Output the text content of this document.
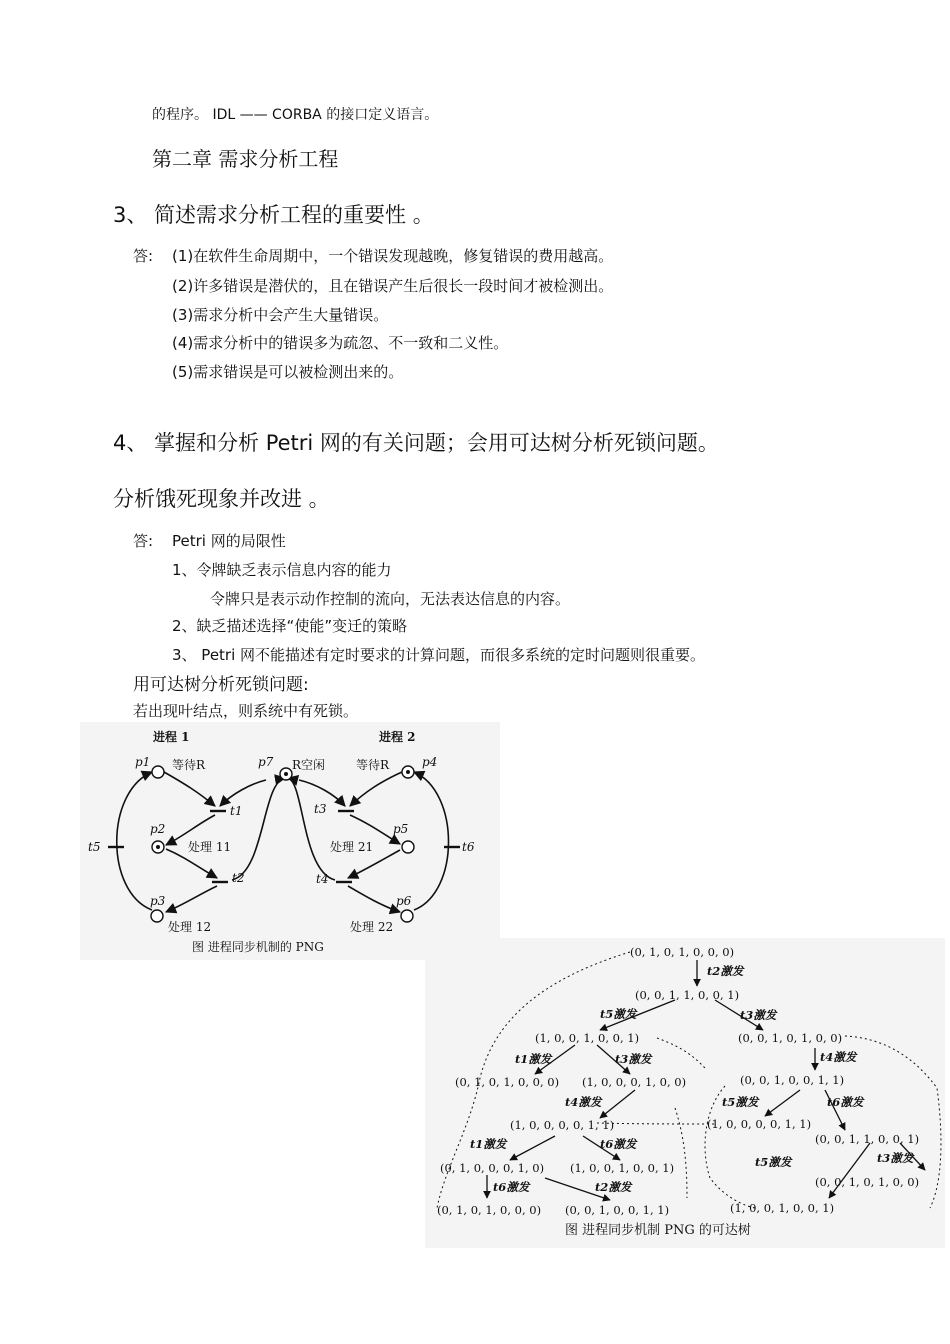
的程序。 IDL —— CORBA 的接口定义语言。
第二章 需求分析工程
3、 简述需求分析工程的重要性 。
答: (1)在软件生命周期中，一个错误发现越晚，修复错误的费用越高。
(2)许多错误是潜伏的，且在错误产生后很长一段时间才被检测出。
(3)需求分析中会产生大量错误。
(4)需求分析中的错误多为疏忽、不一致和二义性。
(5)需求错误是可以被检测出来的。
4、 掌握和分析 Petri 网的有关问题；会用可达树分析死锁问题。
分析饿死现象并改进 。
答: Petri 网的局限性
1、令牌缺乏表示信息内容的能力
令牌只是表示动作控制的流向，无法表达信息的内容。
2、缺乏描述选择“使能”变迁的策略
3、 Petri 网不能描述有定时要求的计算问题，而很多系统的定时问题则很重要。
用可达树分析死锁问题:
若出现叶结点，则系统中有死锁。
进程 1	进程 2
p1 等待R	p7 R空闲	等待R	p4
t1	t3
p2	p5
t5	处理 11	处理 21	t6
t2	t4
p3	p6
处理 12	处理 22
图 进程同步机制的 PNG	(0, 1, 0, 1, 0, 0, 0)
t2激发
(0, 0, 1, 1, 0, 0, 1)
t5激发	t3激发
(1, 0, 0, 1, 0, 0, 1)	(0, 0, 1, 0, 1, 0, 0)
t1激发	t3激发	t4激发
(0, 1, 0, 1, 0, 0, 0) (1, 0, 0, 0, 1, 0, 0)	(0, 0, 1, 0, 0, 1, 1)
t4激发	t5激发	t6激发
(1, 0, 0, 0, 0, 1, 1)	(1, 0, 0, 0, 0, 1, 1)
(0, 0, 1, 1, 0, 0, 1)
t1激发	t6激发
t5激发	t3激发
(0, 1, 0, 0, 0, 1, 0) (1, 0, 0, 1, 0, 0, 1)
(0, 0, 1, 0, 1, 0, 0)
t6激发	t2激发
(0, 1, 0, 1, 0, 0, 0) (0, 0, 1, 0, 0, 1, 1)	(1, 0, 0, 1, 0, 0, 1)
图 进程同步机制 PNG 的可达树
